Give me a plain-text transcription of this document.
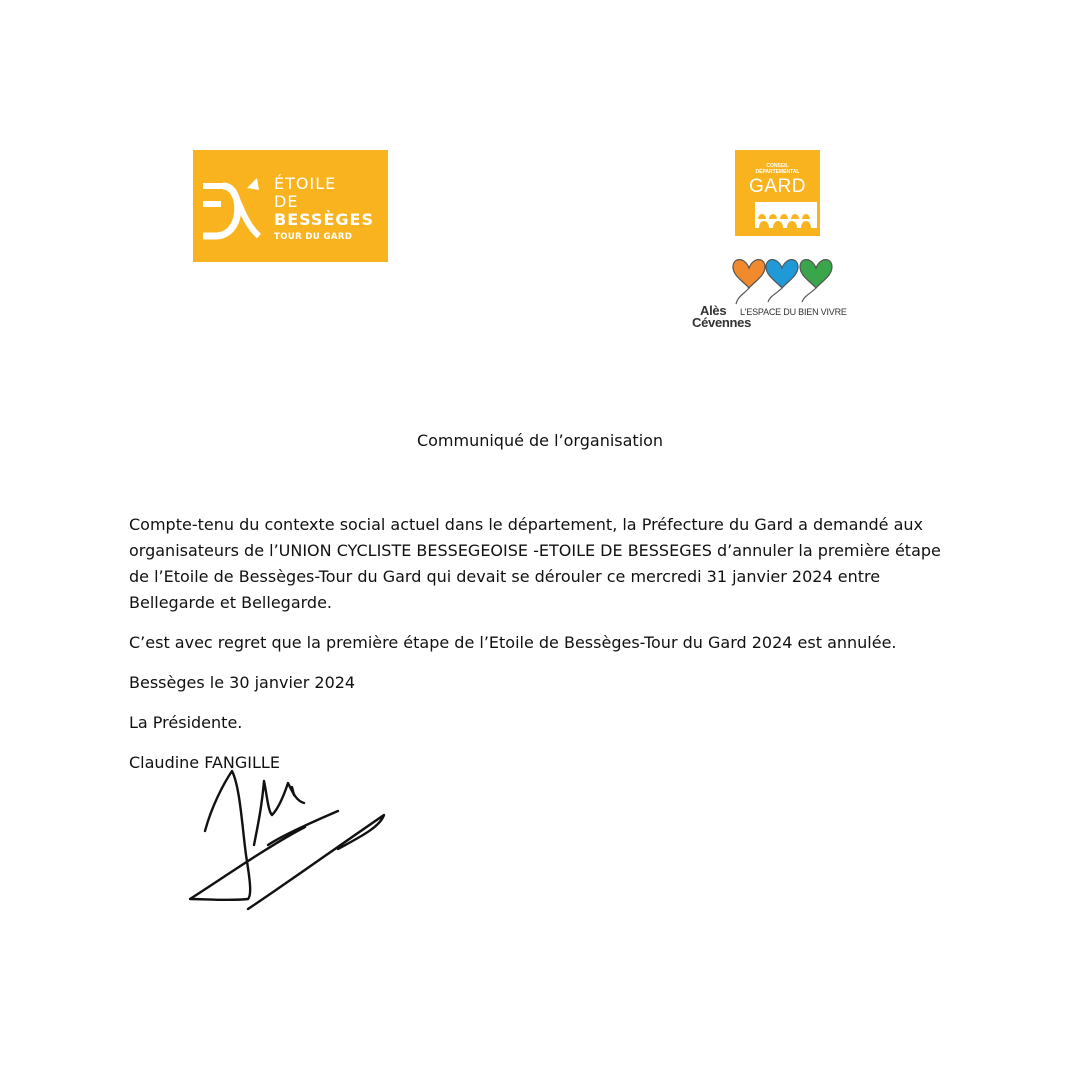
ÉTOILE
DE
BESSÈGES
TOUR DU GARD
CONSEIL
DÉPARTEMENTAL
GARD
Alès
Cévennes
L'ESPACE DU BIEN VIVRE
Communiqué de l’organisation

Compte-tenu du contexte social actuel dans le département, la Préfecture du Gard a demandé aux
organisateurs de l’UNION CYCLISTE BESSEGEOISE -ETOILE DE BESSEGES d’annuler la première étape
de l’Etoile de Bessèges-Tour du Gard qui devait se dérouler ce mercredi 31 janvier 2024 entre
Bellegarde et Bellegarde.

C’est avec regret que la première étape de l’Etoile de Bessèges-Tour du Gard 2024 est annulée.

Bessèges le 30 janvier 2024

La Présidente.

Claudine FANGILLE
